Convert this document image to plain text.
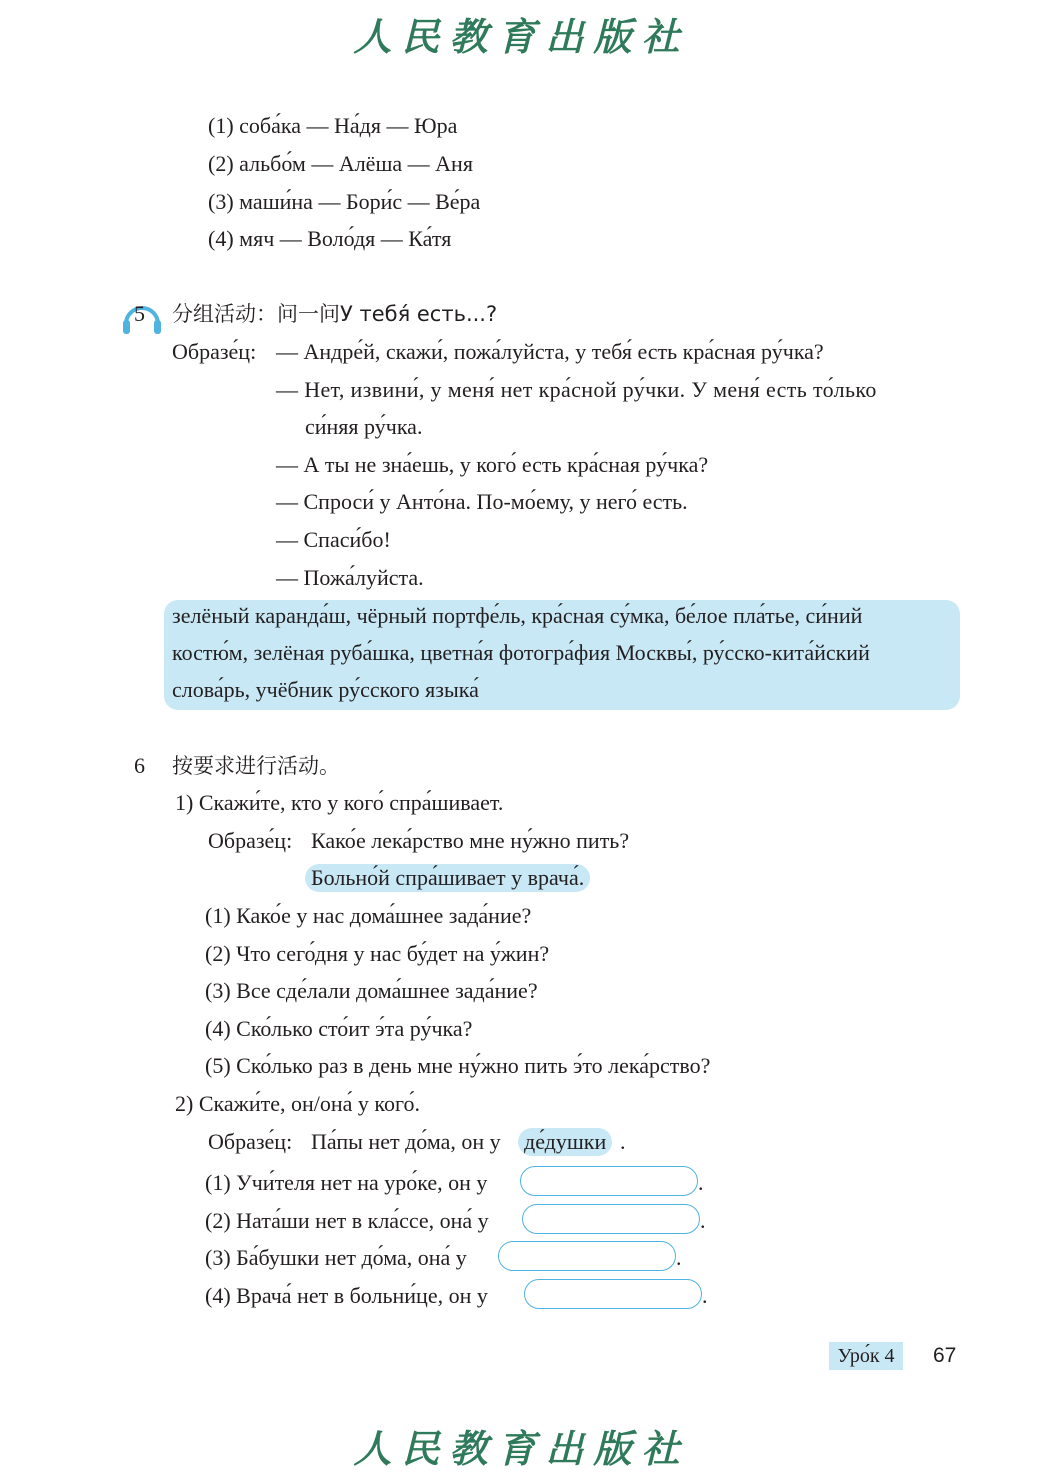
人民教育出版社
(1) соба́ка — На́дя — Юра
(2) альбо́м — Алёша — Аня
(3) маши́на — Бори́с — Ве́ра
(4) мяч — Воло́дя — Ка́тя
5 分组活动：问一问У тебя́ есть...?
Образе́ц: — Андре́й, скажи́, пожа́луйста, у тебя́ есть кра́сная ру́чка?
— Нет, извини́, у меня́ нет кра́сной ру́чки. У меня́ есть то́лько
си́няя ру́чка.
— А ты не зна́ешь, у кого́ есть кра́сная ру́чка?
— Спроси́ у Анто́на. По-мо́ему, у него́ есть.
— Спаси́бо!
— Пожа́луйста.
зелёный каранда́ш, чёрный портфе́ль, кра́сная су́мка, бе́лое пла́тье, си́ний
костю́м, зелёная руба́шка, цветна́я фотогра́фия Москвы́, ру́сско-кита́йский
слова́рь, учёбник ру́сского языка́
6 按要求进行活动。
1) Скажи́те, кто у кого́ спра́шивает.
Образе́ц: Како́е лека́рство мне ну́жно пить?
Больно́й спра́шивает у врача́.
(1) Како́е у нас дома́шнее зада́ние?
(2) Что сего́дня у нас бу́дет на у́жин?
(3) Все сде́лали дома́шнее зада́ние?
(4) Ско́лько сто́ит э́та ру́чка?
(5) Ско́лько раз в день мне ну́жно пить э́то лека́рство?
2) Скажи́те, он/она́ у кого́.
Образе́ц: Па́пы нет до́ма, он у де́душки .
(1) Учи́теля нет на уро́ке, он у	.
(2) Ната́ши нет в кла́ссе, она́ у	.
(3) Ба́бушки нет до́ма, она́ у	.
(4) Врача́ нет в больни́це, он у	.
Уро́к 4	67
人民教育出版社
